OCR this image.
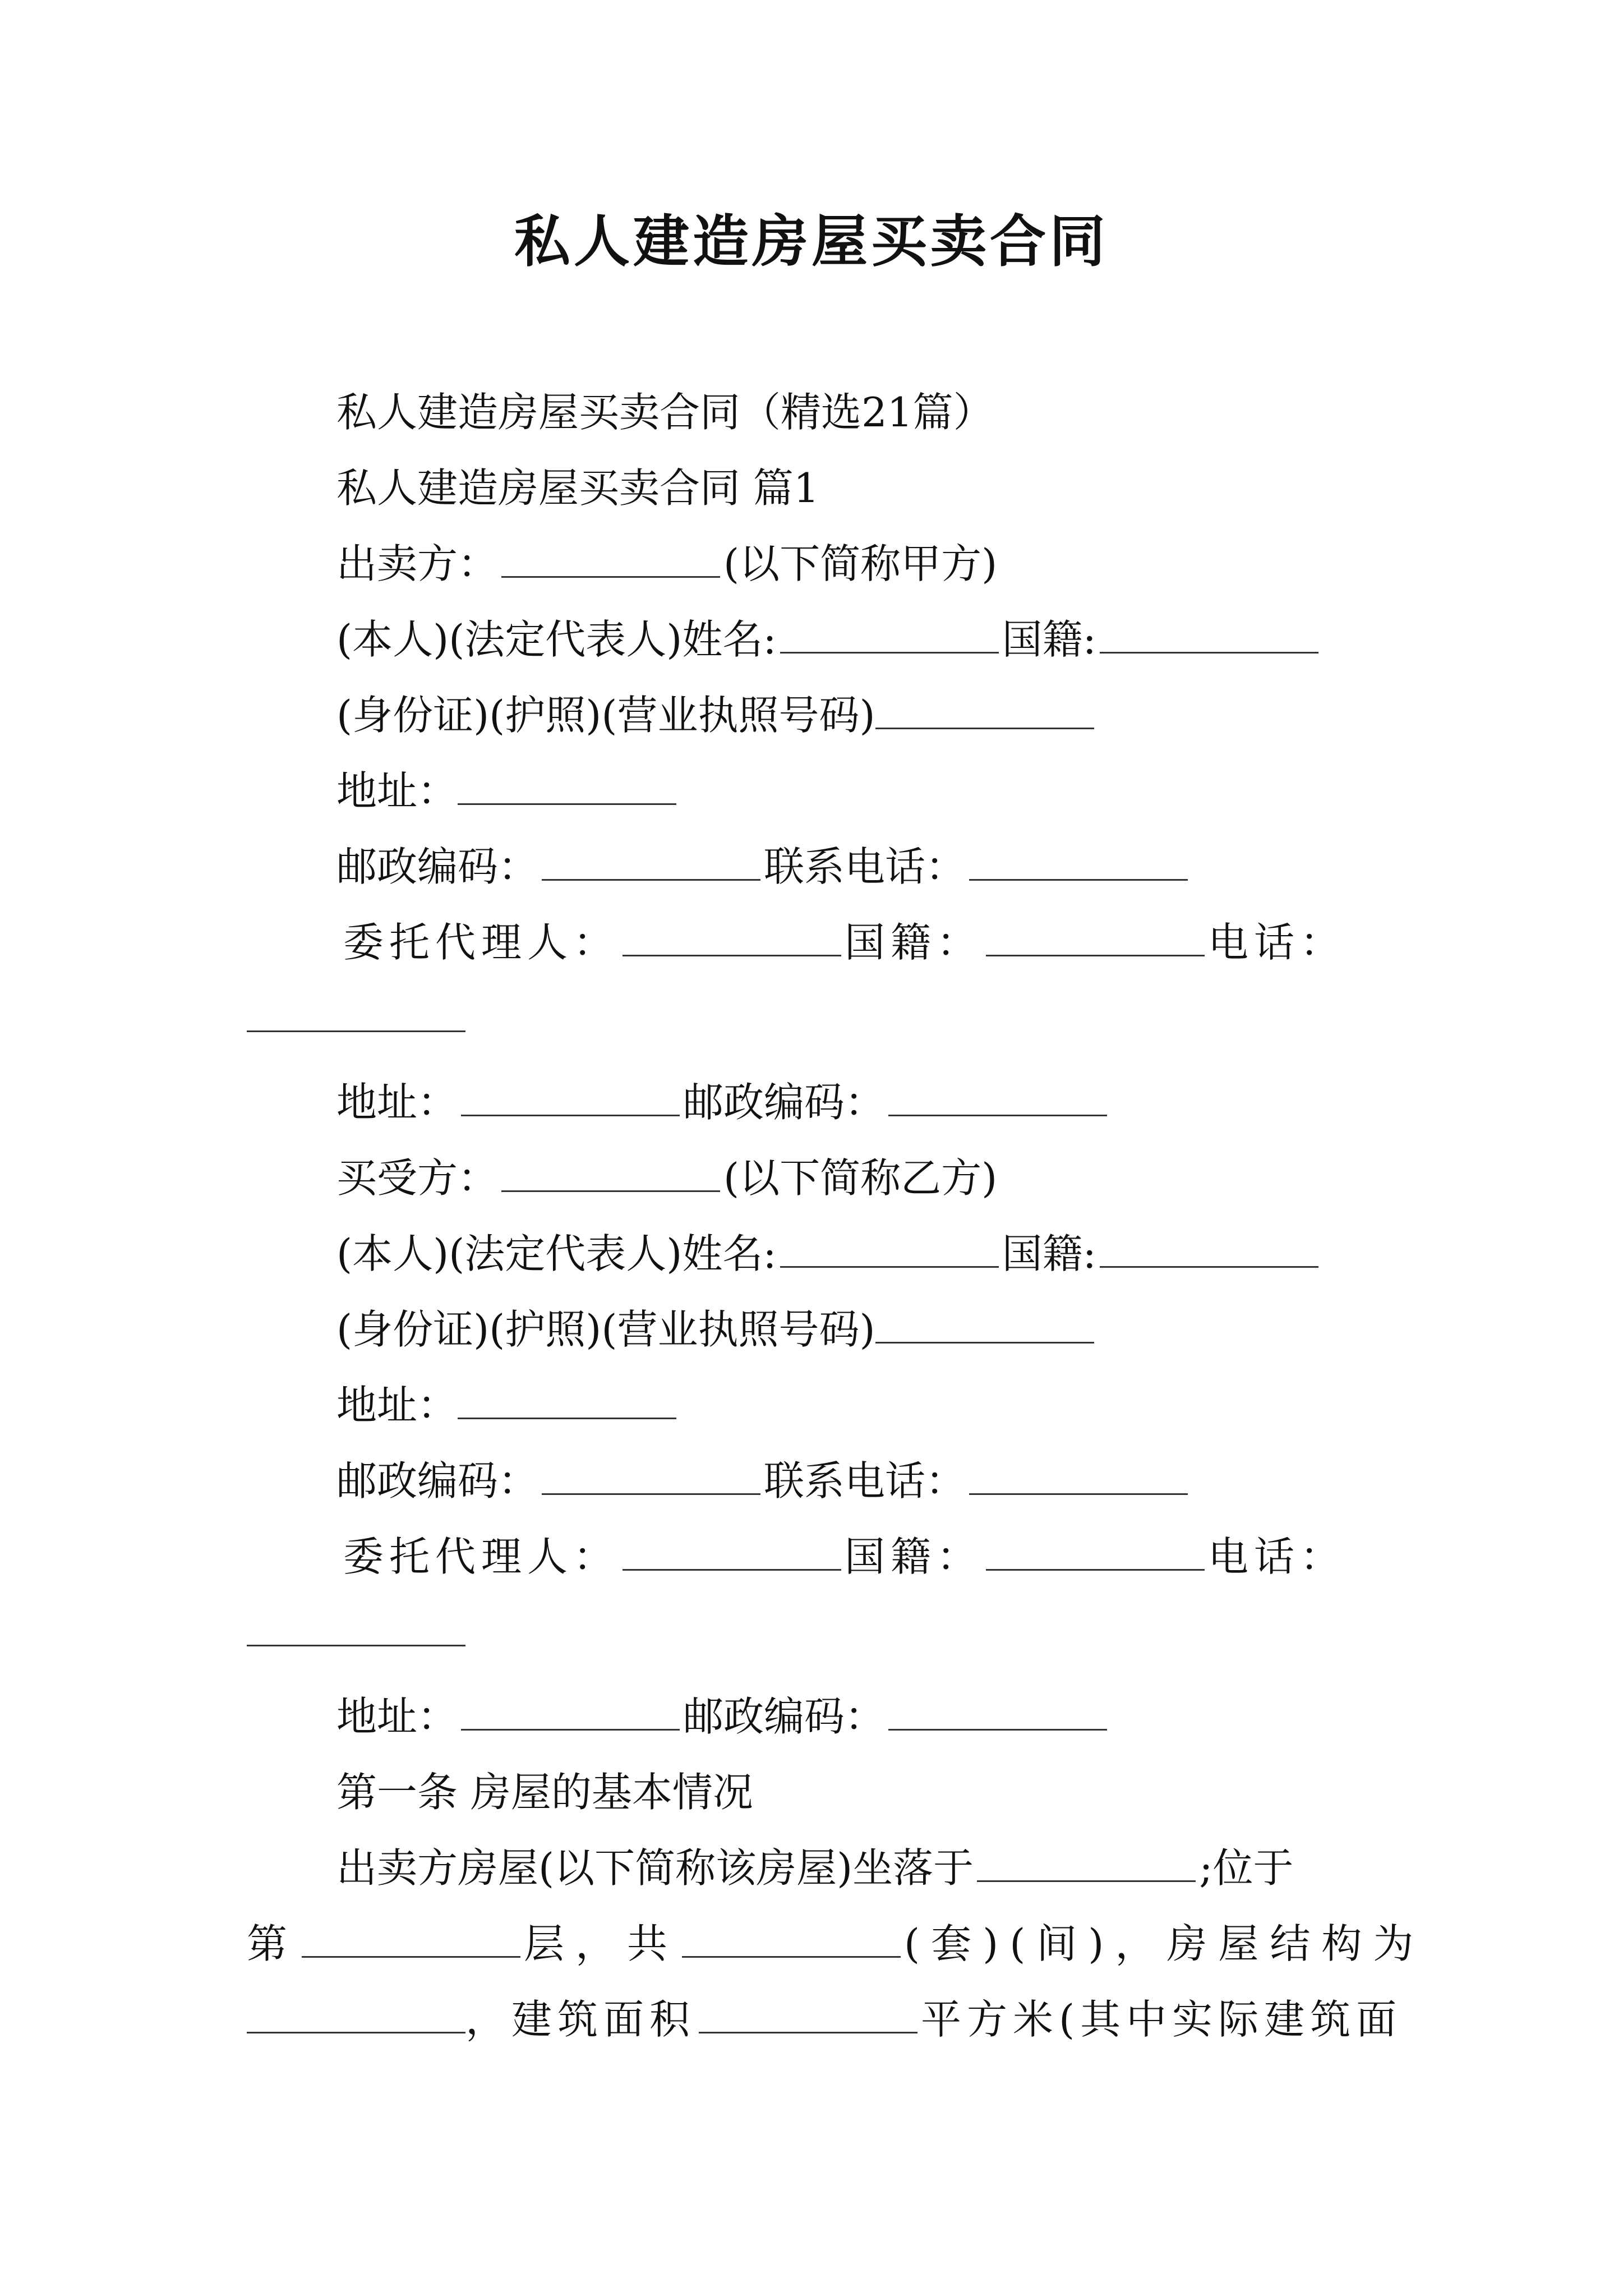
私人建造房屋买卖合同
私人建造房屋买卖合同（精选21篇）
私人建造房屋买卖合同 篇1
出卖方：	(以下简称甲方)
(本人)(法定代表人)姓名:	国籍:
(身份证)(护照)(营业执照号码)
地址：
邮政编码：	联系电话：
委托代理人：	国籍：	电话：
地址：	邮政编码：
买受方：	(以下简称乙方)
(本人)(法定代表人)姓名:	国籍:
(身份证)(护照)(营业执照号码)
地址：
邮政编码：	联系电话：
委托代理人：	国籍：	电话：
地址：	邮政编码：
第一条 房屋的基本情况
出卖方房屋(以下简称该房屋)坐落于	;位于
第	层，共	(套)(间)，房屋结构为
，建筑面积	平方米(其中实际建筑面
